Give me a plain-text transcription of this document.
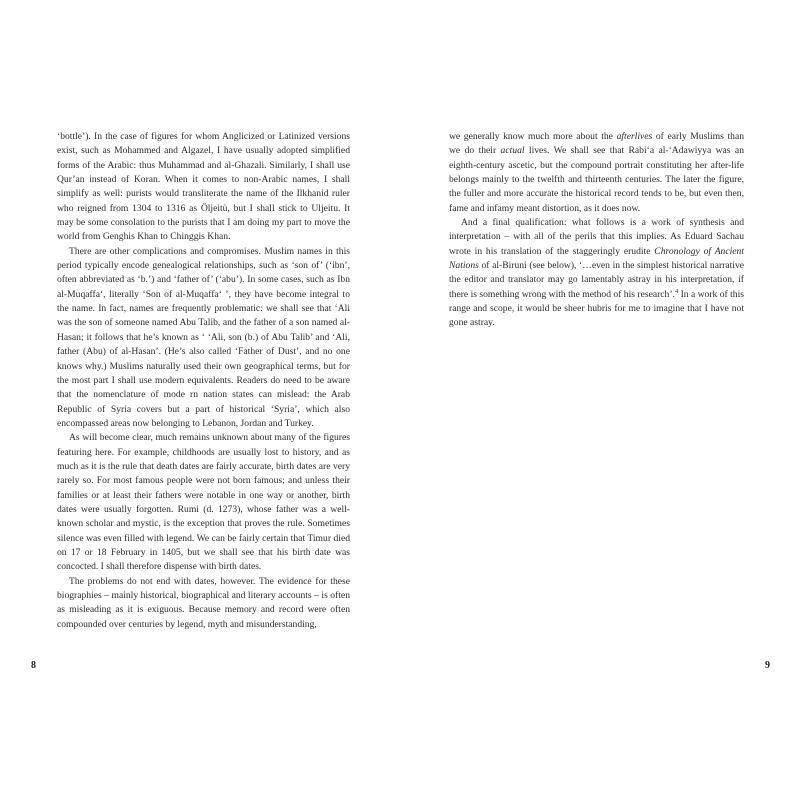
‘bottle’). In the case of figures for whom Anglicized or Latinized versions exist, such as Mohammed and Algazel, I have usually adopted simplified forms of the Arabic: thus Muhammad and al-Ghazali. Similarly, I shall use Qur’an instead of Koran. When it comes to non-Arabic names, I shall simplify as well: purists would transliterate the name of the Ilkhanid ruler who reigned from 1304 to 1316 as Öljeitü, but I shall stick to Uljeitu. It may be some consolation to the purists that I am doing my part to move the world from Genghis Khan to Chinggis Khan.

There are other complications and compromises. Muslim names in this period typically encode genealogical relationships, such as ‘son of’ (‘ibn’, often abbreviated as ‘b.’) and ‘father of’ (‘abu’). In some cases, such as Ibn al-Muqaffa‘, literally ‘Son of al-Muqaffa‘ ’, they have become integral to the name. In fact, names are frequently problematic: we shall see that ‘Ali was the son of someone named Abu Talib, and the father of a son named al-Hasan; it follows that he’s known as ‘ ‘Ali, son (b.) of Abu Talib’ and ‘Ali, father (Abu) of al-Hasan’. (He’s also called ‘Father of Dust’, and no one knows why.) Muslims naturally used their own geographical terms, but for the most part I shall use modern equivalents. Readers do need to be aware that the nomenclature of mode rn nation states can mislead: the Arab Republic of Syria covers but a part of historical ‘Syria’, which also encompassed areas now belonging to Lebanon, Jordan and Turkey.

As will become clear, much remains unknown about many of the figures featuring here. For example, childhoods are usually lost to history, and as much as it is the rule that death dates are fairly accurate, birth dates are very rarely so. For most famous people were not born famous; and unless their families or at least their fathers were notable in one way or another, birth dates were usually forgotten. Rumi (d. 1273), whose father was a well-known scholar and mystic, is the exception that proves the rule. Sometimes silence was even filled with legend. We can be fairly certain that Timur died on 17 or 18 February in 1405, but we shall see that his birth date was concocted. I shall therefore dispense with birth dates.

The problems do not end with dates, however. The evidence for these biographies – mainly historical, biographical and literary accounts – is often as misleading as it is exiguous. Because memory and record were often compounded over centuries by legend, myth and misunderstanding,

we generally know much more about the afterlives of early Muslims than we do their actual lives. We shall see that Rabi‘a al-‘Adawiyya was an eighth-century ascetic, but the compound portrait constituting her after-life belongs mainly to the twelfth and thirteenth centuries. The later the figure, the fuller and more accurate the historical record tends to be, but even then, fame and infamy meant distortion, as it does now.

And a final qualification: what follows is a work of synthesis and interpretation – with all of the perils that this implies. As Eduard Sachau wrote in his translation of the staggeringly erudite Chronology of Ancient Nations of al-Biruni (see below), ‘…even in the simplest historical narrative the editor and translator may go lamentably astray in his interpretation, if there is something wrong with the method of his research’.$^4$ In a work of this range and scope, it would be sheer hubris for me to imagine that I have not gone astray.

8	9
